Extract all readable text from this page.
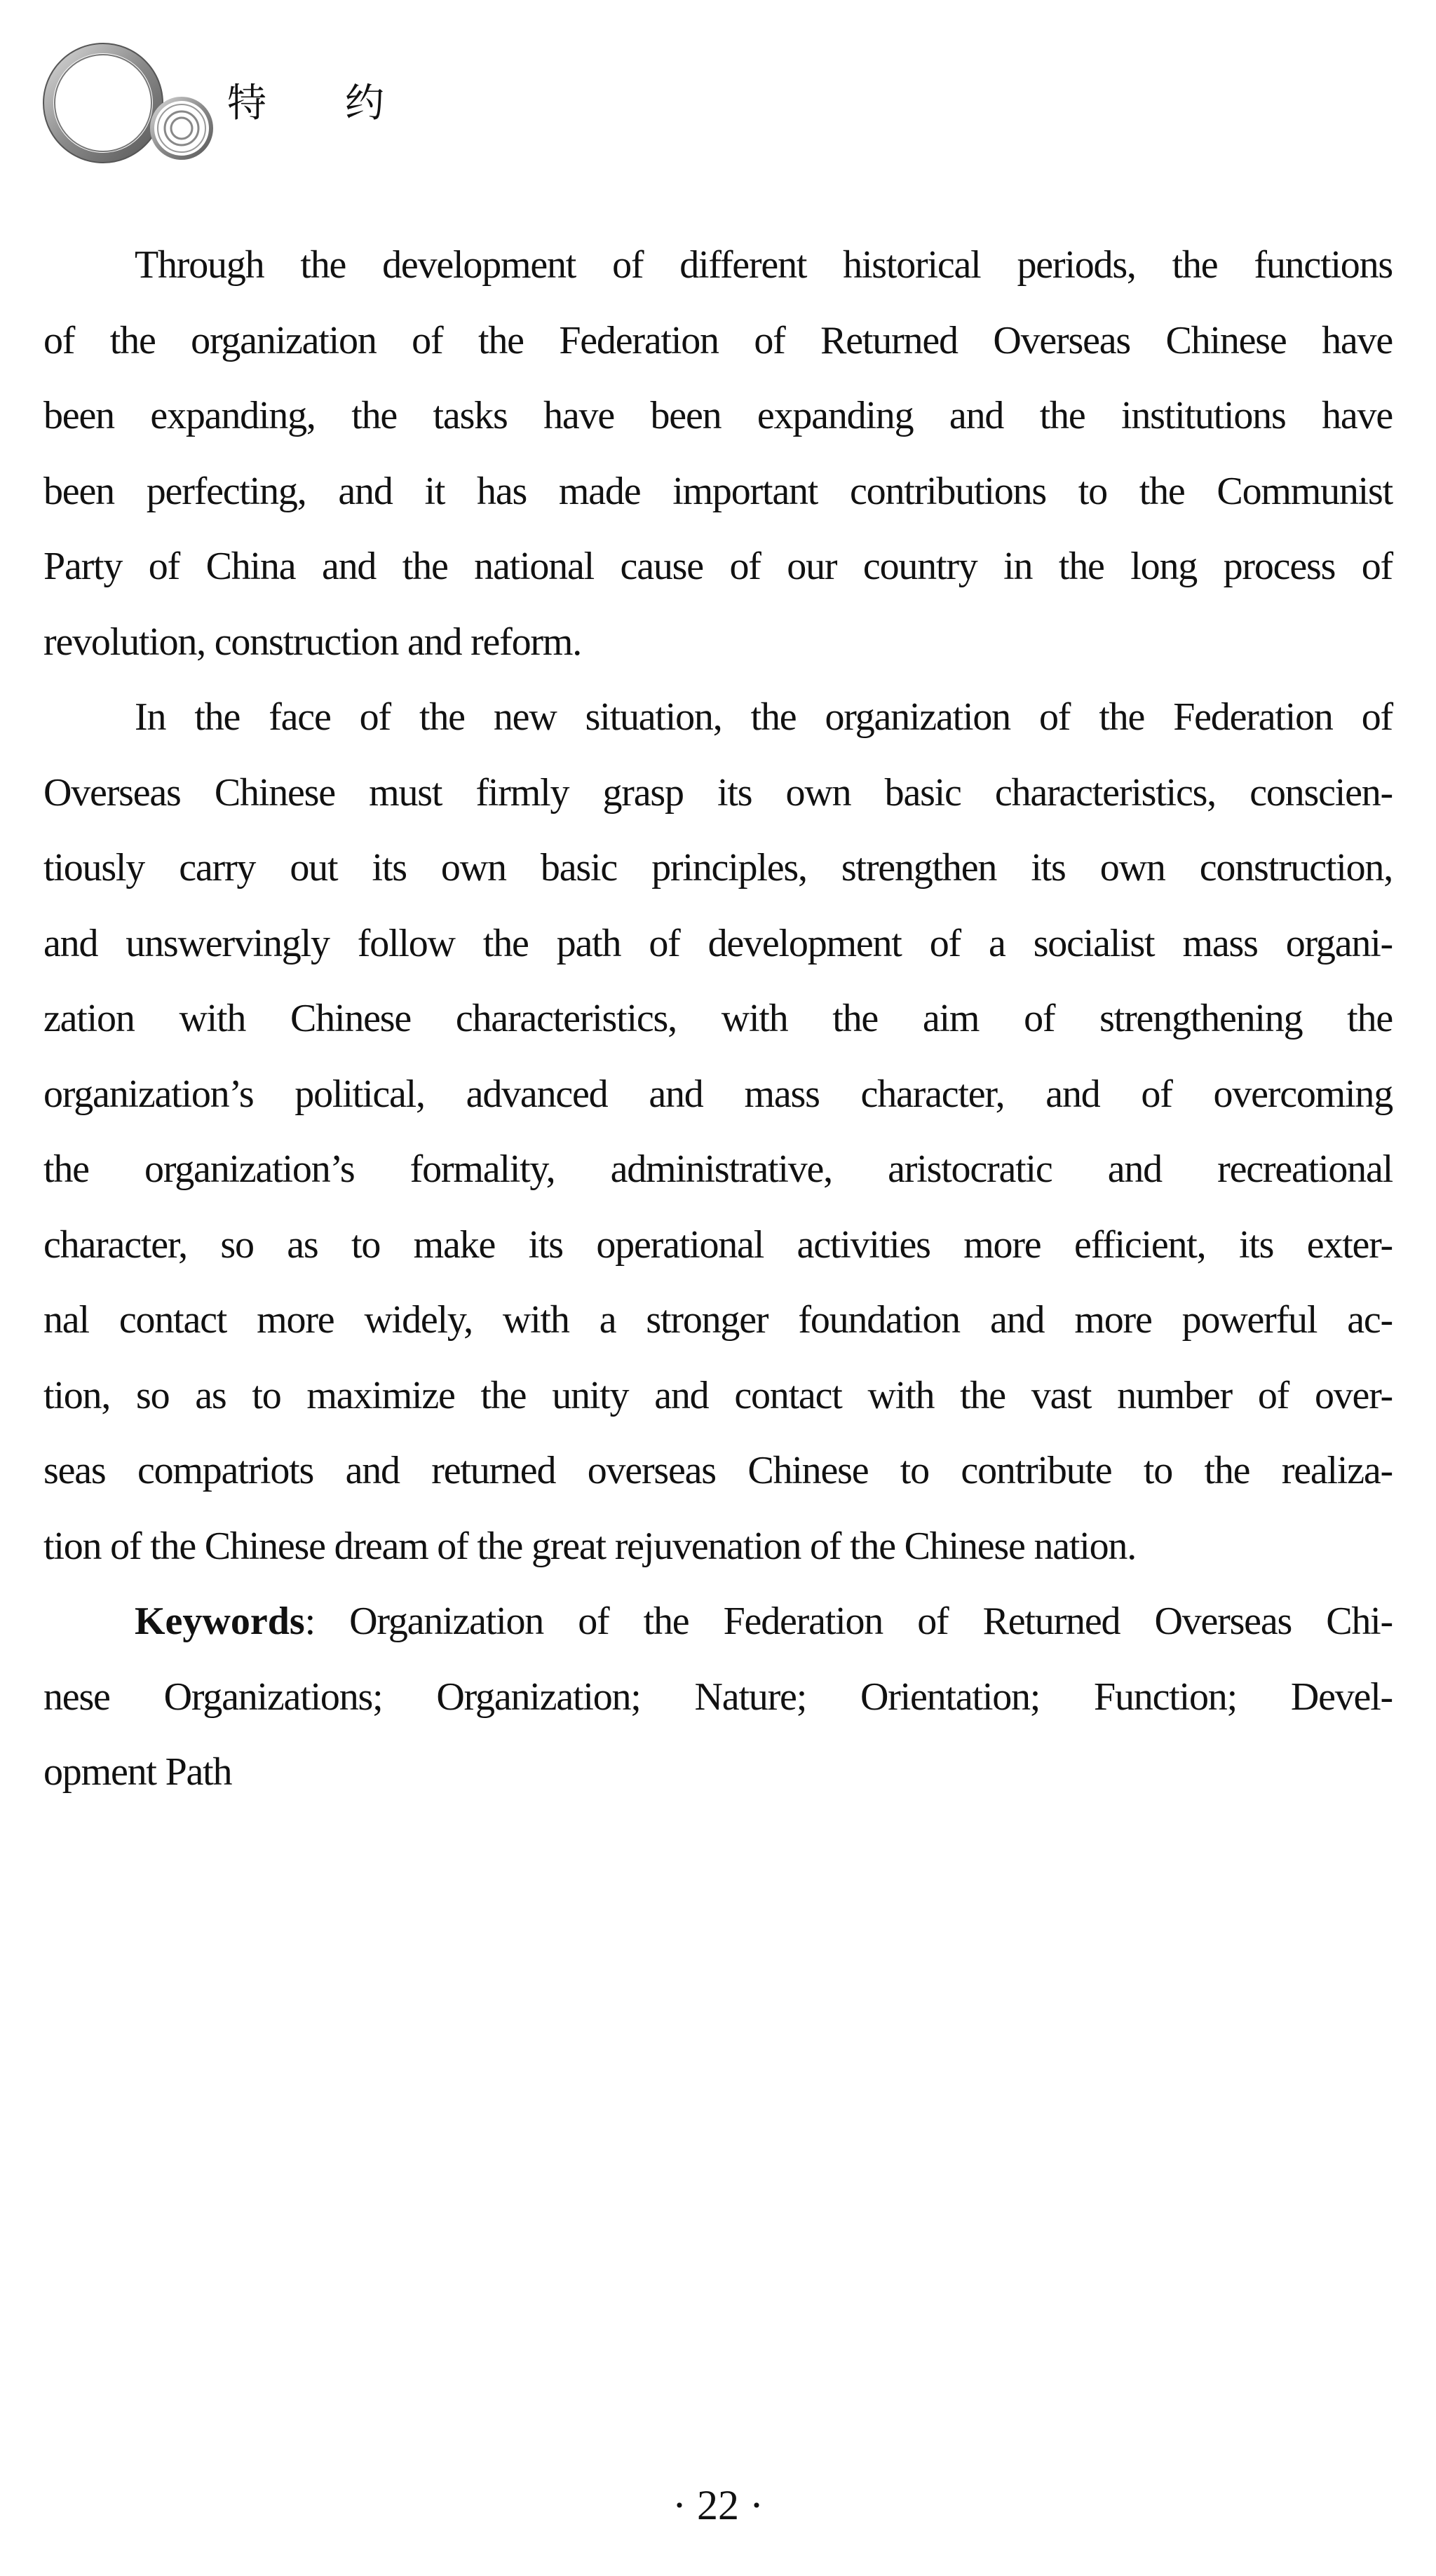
特 约
Through the development of different historical periods, the functions
of the organization of the Federation of Returned Overseas Chinese have
been expanding, the tasks have been expanding and the institutions have
been perfecting, and it has made important contributions to the Communist
Party of China and the national cause of our country in the long process of
revolution, construction and reform.
In the face of the new situation, the organization of the Federation of
Overseas Chinese must firmly grasp its own basic characteristics, conscien-
tiously carry out its own basic principles, strengthen its own construction,
and unswervingly follow the path of development of a socialist mass organi-
zation with Chinese characteristics, with the aim of strengthening the
organization’s political, advanced and mass character, and of overcoming
the organization’s formality, administrative, aristocratic and recreational
character, so as to make its operational activities more efficient, its exter-
nal contact more widely, with a stronger foundation and more powerful ac-
tion, so as to maximize the unity and contact with the vast number of over-
seas compatriots and returned overseas Chinese to contribute to the realiza-
tion of the Chinese dream of the great rejuvenation of the Chinese nation.
Keywords: Organization of the Federation of Returned Overseas Chi-
nese Organizations; Organization; Nature; Orientation; Function; Devel-
opment Path
· 22 ·
